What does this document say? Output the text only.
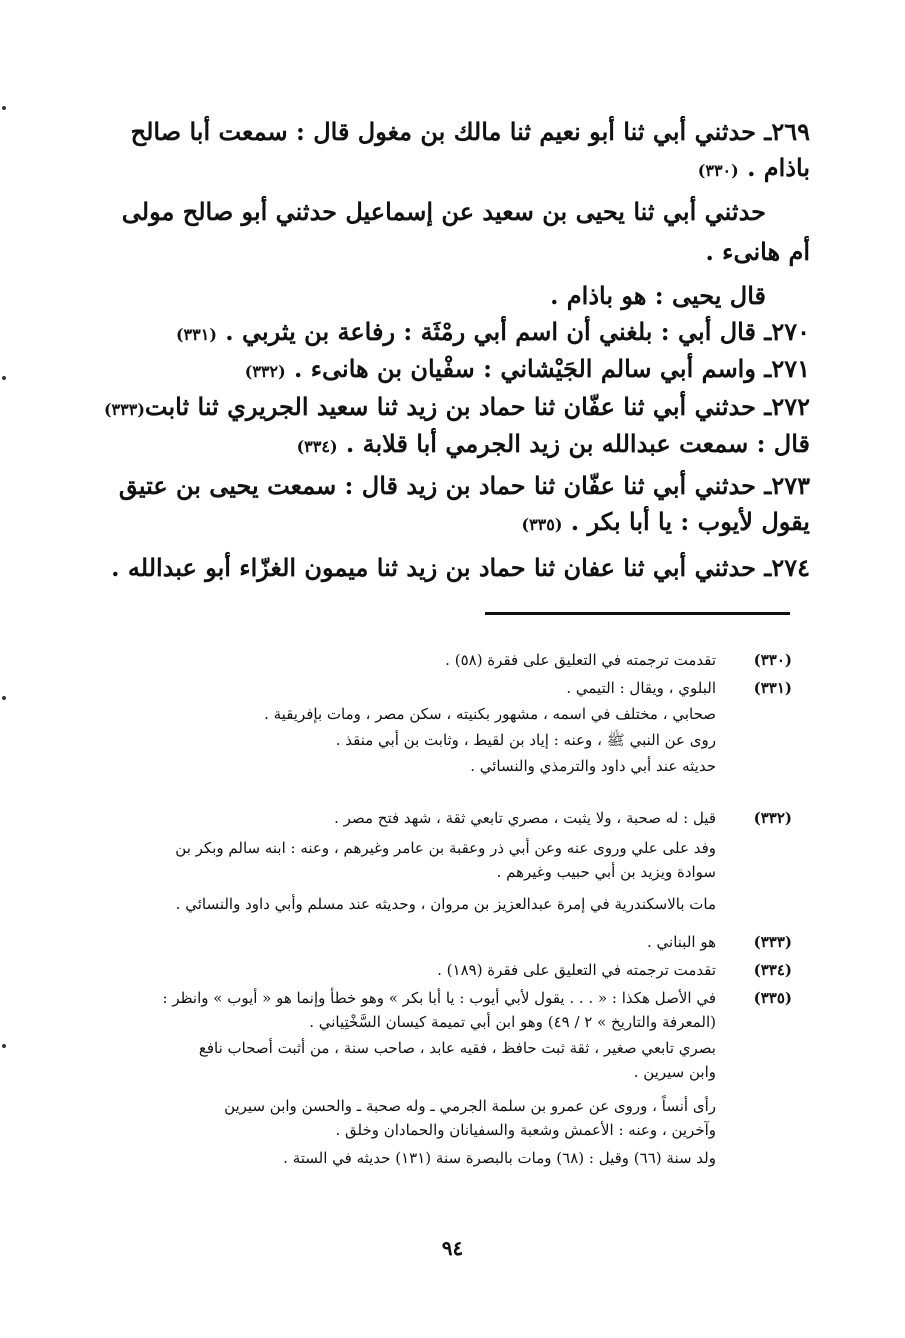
٢٦٩ـ حدثني أبي ثنا أبو نعيم ثنا مالك بن مغول قال : سمعت أبا صالح
باذام . (٣٣٠)
حدثني أبي ثنا يحيى بن سعيد عن إسماعيل حدثني أبو صالح مولى
أم هانىء .
قال يحيى : هو باذام .
٢٧٠ـ قال أبي : بلغني أن اسم أبي رمْثَة : رفاعة بن يثربي . (٣٣١)
٢٧١ـ واسم أبي سالم الجَيْشاني : سفْيان بن هانىء . (٣٣٢)
٢٧٢ـ حدثني أبي ثنا عفّان ثنا حماد بن زيد ثنا سعيد الجريري ثنا ثابت(٣٣٣)
قال : سمعت عبدالله بن زيد الجرمي أبا قلابة . (٣٣٤)
٢٧٣ـ حدثني أبي ثنا عفّان ثنا حماد بن زيد قال : سمعت يحيى بن عتيق
يقول لأيوب : يا أبا بكر . (٣٣٥)
٢٧٤ـ حدثني أبي ثنا عفان ثنا حماد بن زيد ثنا ميمون الغزّاء أبو عبدالله .
(٣٣٠)
(٣٣١)
(٣٣٢)
(٣٣٣)
(٣٣٤)
(٣٣٥)
تقدمت ترجمته في التعليق على فقرة (٥٨) .
البلوي ، ويقال : التيمي .
صحابي ، مختلف في اسمه ، مشهور بكنيته ، سكن مصر ، ومات بإفريقية .
روى عن النبي ﷺ ، وعنه : إياد بن لقيط ، وثابت بن أبي منقذ .
حديثه عند أبي داود والترمذي والنسائي .
قيل : له صحبة ، ولا يثبت ، مصري تابعي ثقة ، شهد فتح مصر .
وفد على علي وروى عنه وعن أبي ذر وعقبة بن عامر وغيرهم ، وعنه : ابنه سالم وبكر بن
سوادة ويزيد بن أبي حبيب وغيرهم .
مات بالاسكندرية في إمرة عبدالعزيز بن مروان ، وحديثه عند مسلم وأبي داود والنسائي .
هو البناني .
تقدمت ترجمته في التعليق على فقرة (١٨٩) .
في الأصل هكذا : « . . . يقول لأبي أيوب : يا أبا بكر » وهو خطأ وإنما هو « أيوب » وانظر :
(المعرفة والتاريخ » ٢ / ٤٩) وهو ابن أبي تميمة كيسان السَّخْتِياني .
بصري تابعي صغير ، ثقة ثبت حافظ ، فقيه عابد ، صاحب سنة ، من أثبت أصحاب نافع
وابن سيرين .
رأى أنساً ، وروى عن عمرو بن سلمة الجرمي ـ وله صحبة ـ والحسن وابن سيرين
وآخرين ، وعنه : الأعمش وشعبة والسفيانان والحمادان وخلق .
ولد سنة (٦٦) وقيل : (٦٨) ومات بالبصرة سنة (١٣١) حديثه في الستة .
٩٤
